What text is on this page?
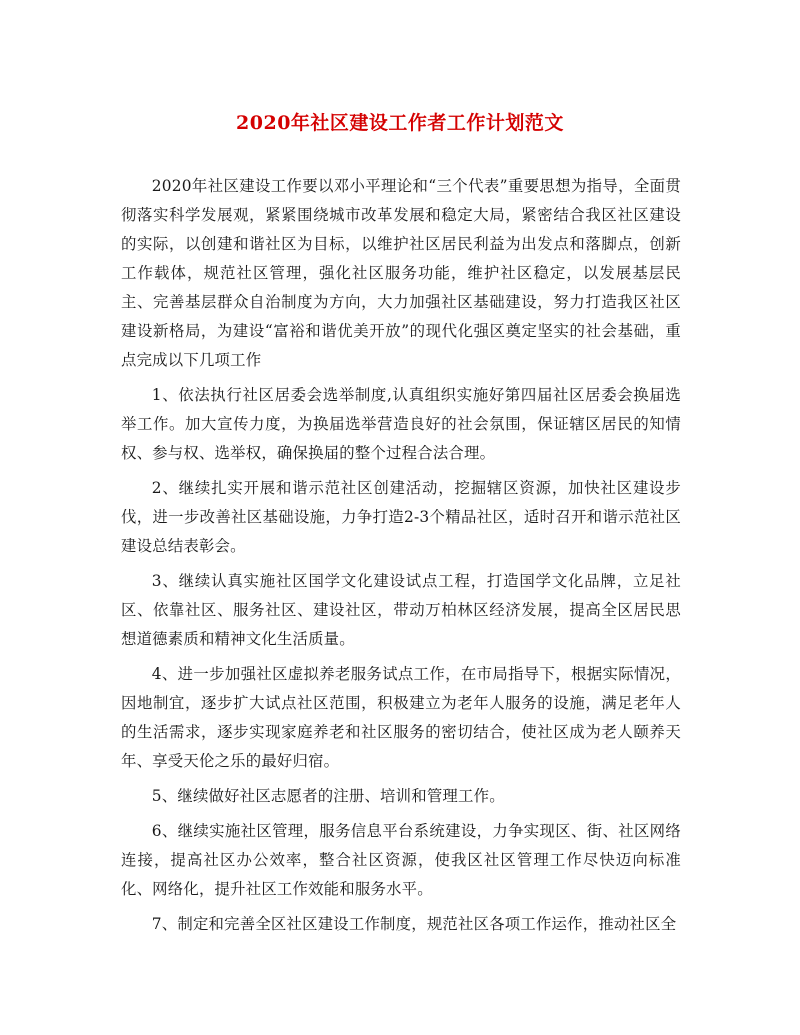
2020年社区建设工作者工作计划范文

2020年社区建设工作要以邓小平理论和“三个代表”重要思想为指导，全面贯彻落实科学发展观，紧紧围绕城市改革发展和稳定大局，紧密结合我区社区建设的实际，以创建和谐社区为目标，以维护社区居民利益为出发点和落脚点，创新工作载体，规范社区管理，强化社区服务功能，维护社区稳定，以发展基层民主、完善基层群众自治制度为方向，大力加强社区基础建设，努力打造我区社区建设新格局，为建设“富裕和谐优美开放”的现代化强区奠定坚实的社会基础，重点完成以下几项工作

1、依法执行社区居委会选举制度,认真组织实施好第四届社区居委会换届选举工作。加大宣传力度，为换届选举营造良好的社会氛围，保证辖区居民的知情权、参与权、选举权，确保换届的整个过程合法合理。

2、继续扎实开展和谐示范社区创建活动，挖掘辖区资源，加快社区建设步伐，进一步改善社区基础设施，力争打造2-3个精品社区，适时召开和谐示范社区建设总结表彰会。

3、继续认真实施社区国学文化建设试点工程，打造国学文化品牌，立足社区、依靠社区、服务社区、建设社区，带动万柏林区经济发展，提高全区居民思想道德素质和精神文化生活质量。

4、进一步加强社区虚拟养老服务试点工作，在市局指导下，根据实际情况，因地制宜，逐步扩大试点社区范围，积极建立为老年人服务的设施，满足老年人的生活需求，逐步实现家庭养老和社区服务的密切结合，使社区成为老人颐养天年、享受天伦之乐的最好归宿。

5、继续做好社区志愿者的注册、培训和管理工作。

6、继续实施社区管理，服务信息平台系统建设，力争实现区、街、社区网络连接，提高社区办公效率，整合社区资源，使我区社区管理工作尽快迈向标准化、网络化，提升社区工作效能和服务水平。

7、制定和完善全区社区建设工作制度，规范社区各项工作运作，推动社区全
